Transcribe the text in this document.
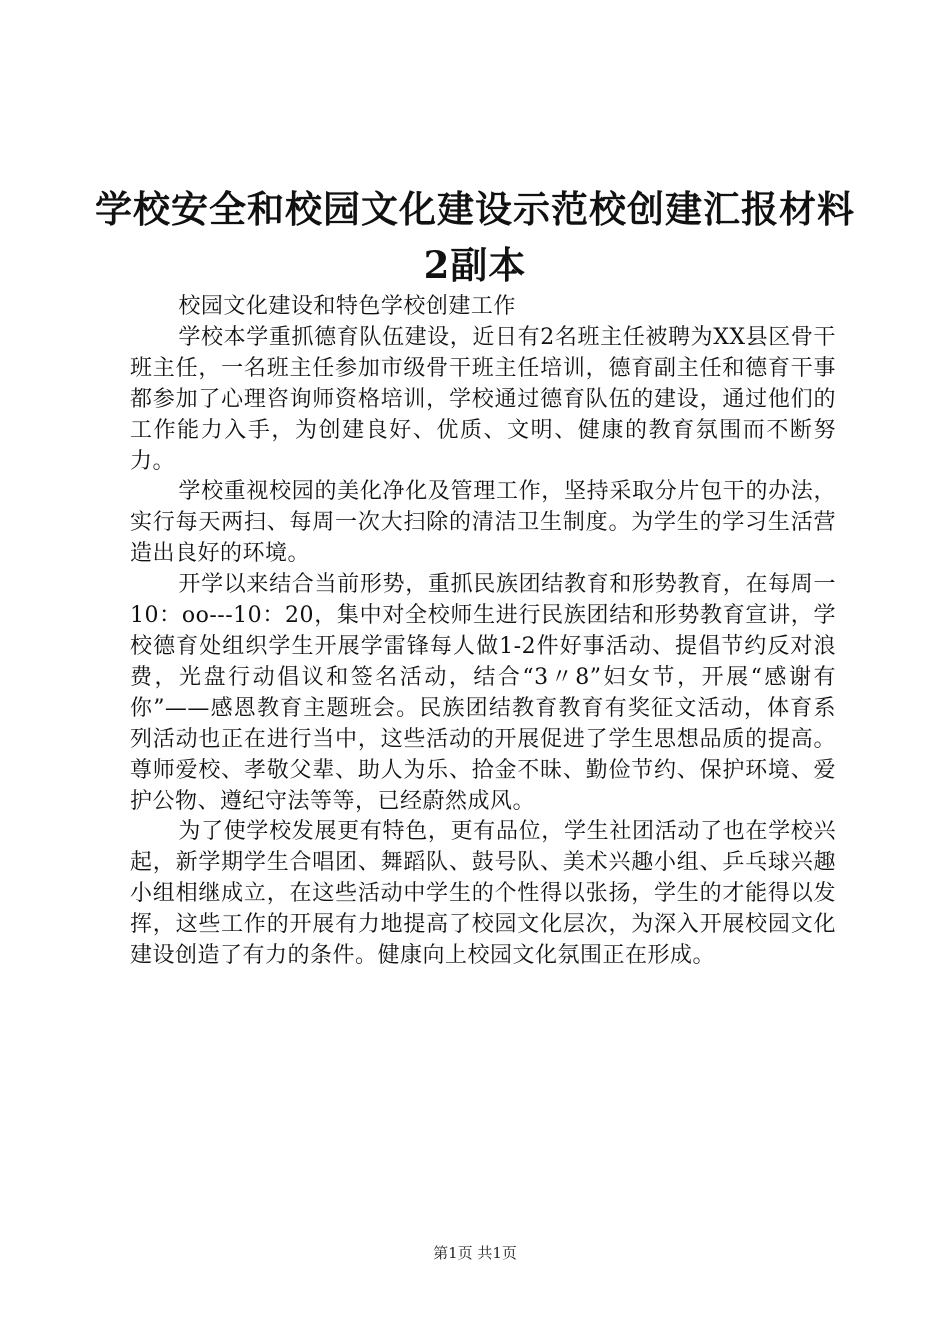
学校安全和校园文化建设示范校创建汇报材料
2副本

校园文化建设和特色学校创建工作

学校本学重抓德育队伍建设，近日有2名班主任被聘为XX县区骨干班主任，一名班主任参加市级骨干班主任培训，德育副主任和德育干事都参加了心理咨询师资格培训，学校通过德育队伍的建设，通过他们的工作能力入手，为创建良好、优质、文明、健康的教育氛围而不断努力。

学校重视校园的美化净化及管理工作，坚持采取分片包干的办法，实行每天两扫、每周一次大扫除的清洁卫生制度。为学生的学习生活营造出良好的环境。

开学以来结合当前形势，重抓民族团结教育和形势教育，在每周一10：oo---10：20，集中对全校师生进行民族团结和形势教育宣讲，学校德育处组织学生开展学雷锋每人做1-2件好事活动、提倡节约反对浪费，光盘行动倡议和签名活动，结合“3〃8”妇女节，开展“感谢有你”——感恩教育主题班会。民族团结教育教育有奖征文活动，体育系列活动也正在进行当中，这些活动的开展促进了学生思想品质的提高。尊师爱校、孝敬父辈、助人为乐、拾金不昧、勤俭节约、保护环境、爱护公物、遵纪守法等等，已经蔚然成风。

为了使学校发展更有特色，更有品位，学生社团活动了也在学校兴起，新学期学生合唱团、舞蹈队、鼓号队、美术兴趣小组、乒乓球兴趣小组相继成立，在这些活动中学生的个性得以张扬，学生的才能得以发挥，这些工作的开展有力地提高了校园文化层次，为深入开展校园文化建设创造了有力的条件。健康向上校园文化氛围正在形成。

第1页 共1页
